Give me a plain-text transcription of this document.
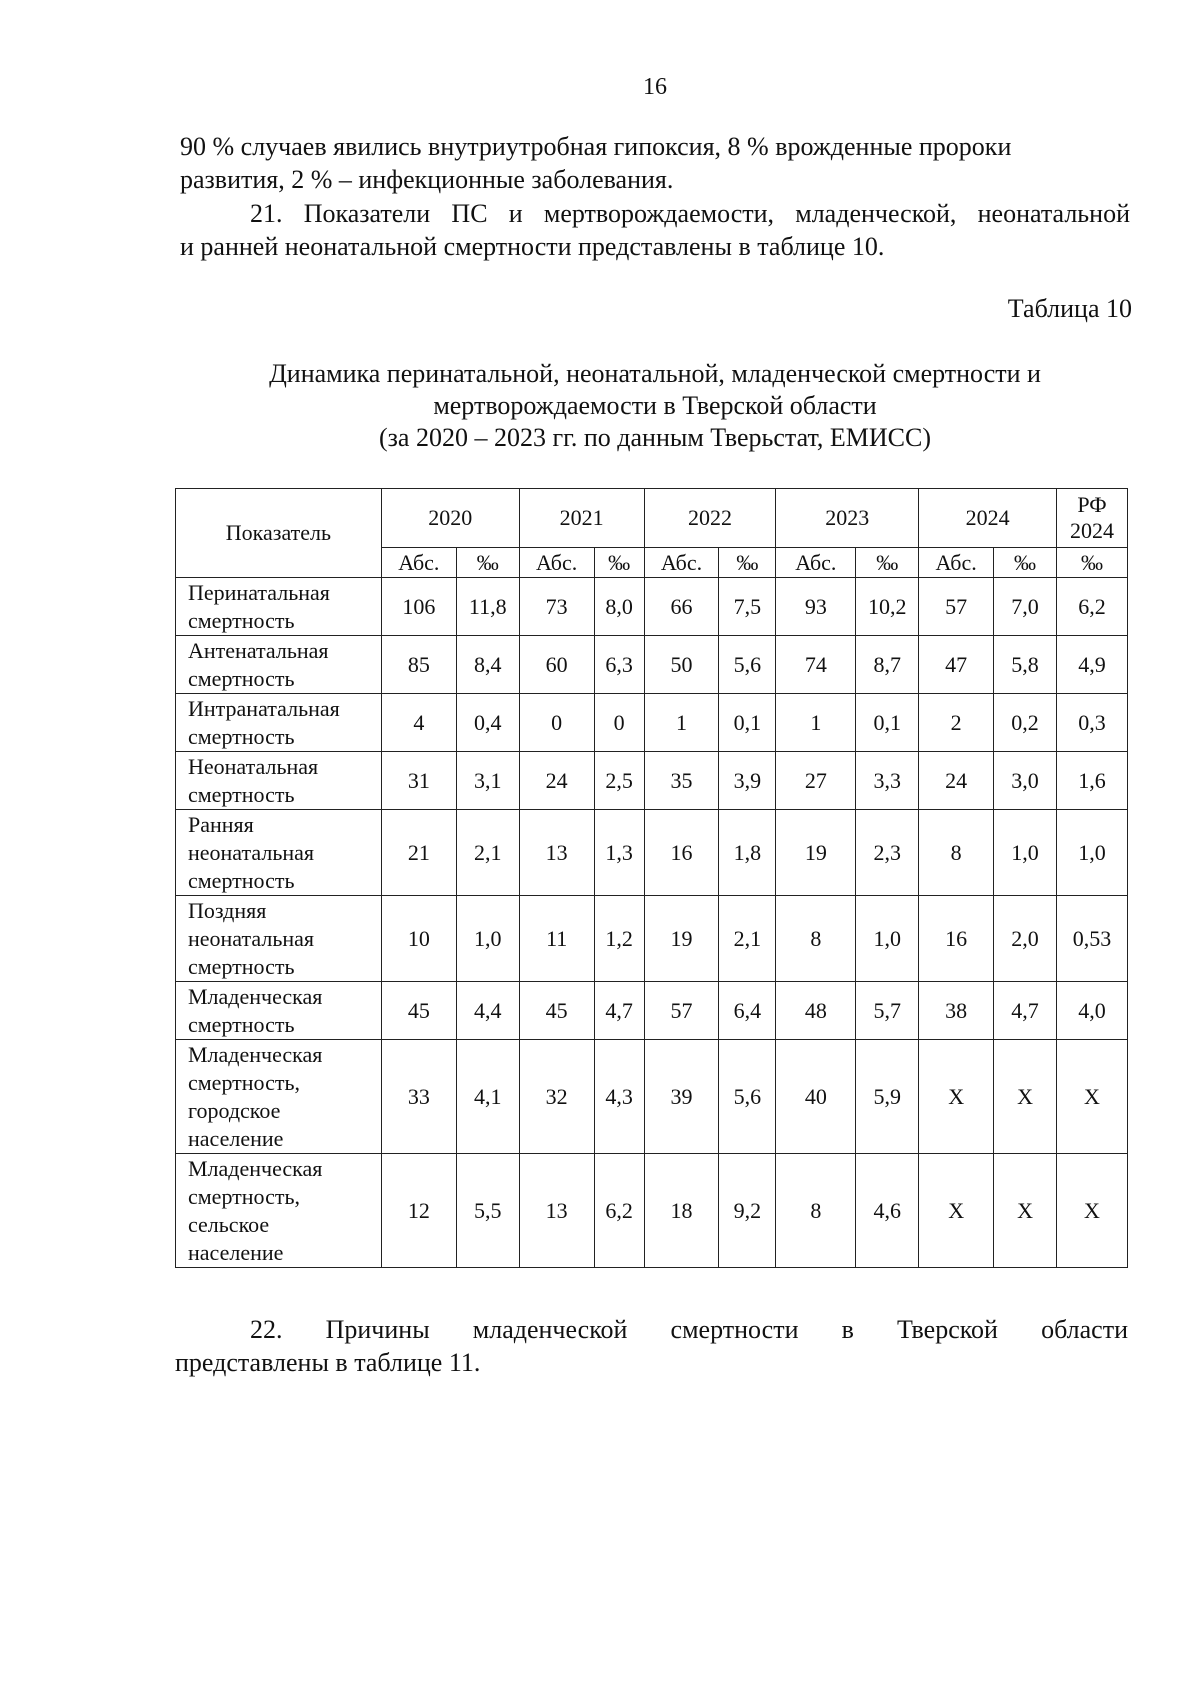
16
90 % случаев явились внутриутробная гипоксия, 8 % врожденные пророки
развития, 2 % – инфекционные заболевания.
21. Показатели ПС и мертворождаемости, младенческой, неонатальной
и ранней неонатальной смертности представлены в таблице 10.
Таблица 10
Динамика перинатальной, неонатальной, младенческой смертности и
мертворождаемости в Тверской области
(за 2020 – 2023 гг. по данным Тверьстат, ЕМИСС)
Показатель	2020		2021		2022		2023		2024		РФ
2024

	Абс.	‰	Абс.	‰	Абс.	‰	Абс.	‰	Абс.	‰	‰

Перинатальная
смертность	106	11,8	73	8,0	66	7,5	93	10,2	57	7,0	6,2

Антенатальная
смертность	85	8,4	60	6,3	50	5,6	74	8,7	47	5,8	4,9

Интранатальная
смертность	4	0,4	0	0	1	0,1	1	0,1	2	0,2	0,3

Неонатальная
смертность	31	3,1	24	2,5	35	3,9	27	3,3	24	3,0	1,6

Ранняя
неонатальная
смертность	21	2,1	13	1,3	16	1,8	19	2,3	8	1,0	1,0

Поздняя
неонатальная
смертность	10	1,0	11	1,2	19	2,1	8	1,0	16	2,0	0,53

Младенческая
смертность	45	4,4	45	4,7	57	6,4	48	5,7	38	4,7	4,0

Младенческая
смертность,
городское
население	33	4,1	32	4,3	39	5,6	40	5,9	Х	Х	Х

Младенческая
смертность,
сельское
население	12	5,5	13	6,2	18	9,2	8	4,6	Х	Х	Х
22. Причины младенческой смертности в Тверской области
представлены в таблице 11.
